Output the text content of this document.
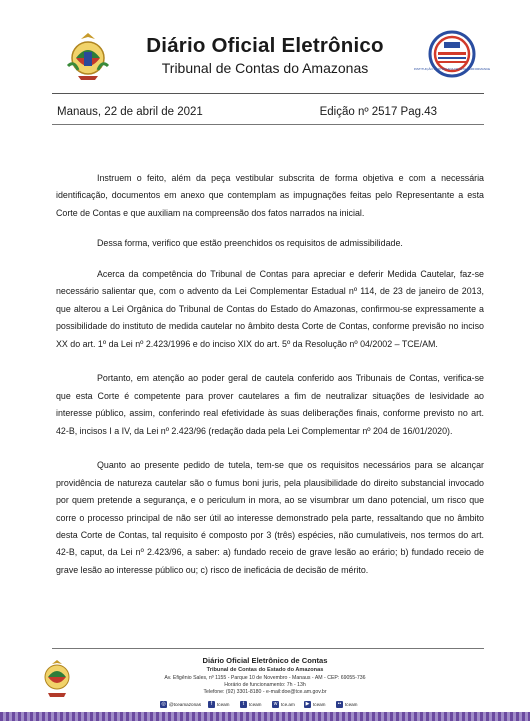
Diário Oficial Eletrônico
Tribunal de Contas do Amazonas	INSTITUIÇÃO CERTIFICADA DE ALTA PERFORMANCE
Manaus, 22 de abril de 2021	Edição nº 2517 Pag.43

Instruem o feito, além da peça vestibular subscrita de forma objetiva e com a necessária identificação, documentos em anexo que contemplam as impugnações feitas pelo Representante a esta Corte de Contas e que auxiliam na compreensão dos fatos narrados na inicial.

Dessa forma, verifico que estão preenchidos os requisitos de admissibilidade.

Acerca da competência do Tribunal de Contas para apreciar e deferir Medida Cautelar, faz-se necessário salientar que, com o advento da Lei Complementar Estadual nº 114, de 23 de janeiro de 2013, que alterou a Lei Orgânica do Tribunal de Contas do Estado do Amazonas, confirmou-se expressamente a possibilidade do instituto de medida cautelar no âmbito desta Corte de Contas, conforme previsão no inciso XX do art. 1º da Lei nº 2.423/1996 e do inciso XIX do art. 5º da Resolução nº 04/2002 – TCE/AM.

Portanto, em atenção ao poder geral de cautela conferido aos Tribunais de Contas, verifica-se que esta Corte é competente para prover cautelares a fim de neutralizar situações de lesividade ao interesse público, assim, conferindo real efetividade às suas deliberações finais, conforme previsto no art. 42-B, incisos I a IV, da Lei nº 2.423/96 (redação dada pela Lei Complementar nº 204 de 16/01/2020).

Quanto ao presente pedido de tutela, tem-se que os requisitos necessários para se alcançar providência de natureza cautelar são o fumus boni juris, pela plausibilidade do direito substancial invocado por quem pretende a segurança, e o periculum in mora, ao se visumbrar um dano potencial, um risco que corre o processo principal de não ser útil ao interesse demonstrado pela parte, ressaltando que no âmbito desta Corte de Contas, tal requisito é composto por 3 (três) espécies, não cumulativeis, nos termos do art. 42-B, caput, da Lei nº 2.423/96, a saber: a) fundado receio de grave lesão ao erário; b) fundado receio de grave lesão ao interesse público ou; c) risco de ineficácia de decisão de mérito.

Diário Oficial Eletrônico de Contas
Tribunal de Contas do Estado do Amazonas
Av. Efigênio Sales, nº 1155 - Parque 10 de Novembro - Manaus - AM - CEP: 69055-736
Horário de funcionamento: 7h - 13h
Telefone: (92) 3301-8180 - e-mail:doe@tce.am.gov.br
◎ @tceamazonas	f	tceam	t	tceam	w tce.am	▶ tceam	•• tceam
